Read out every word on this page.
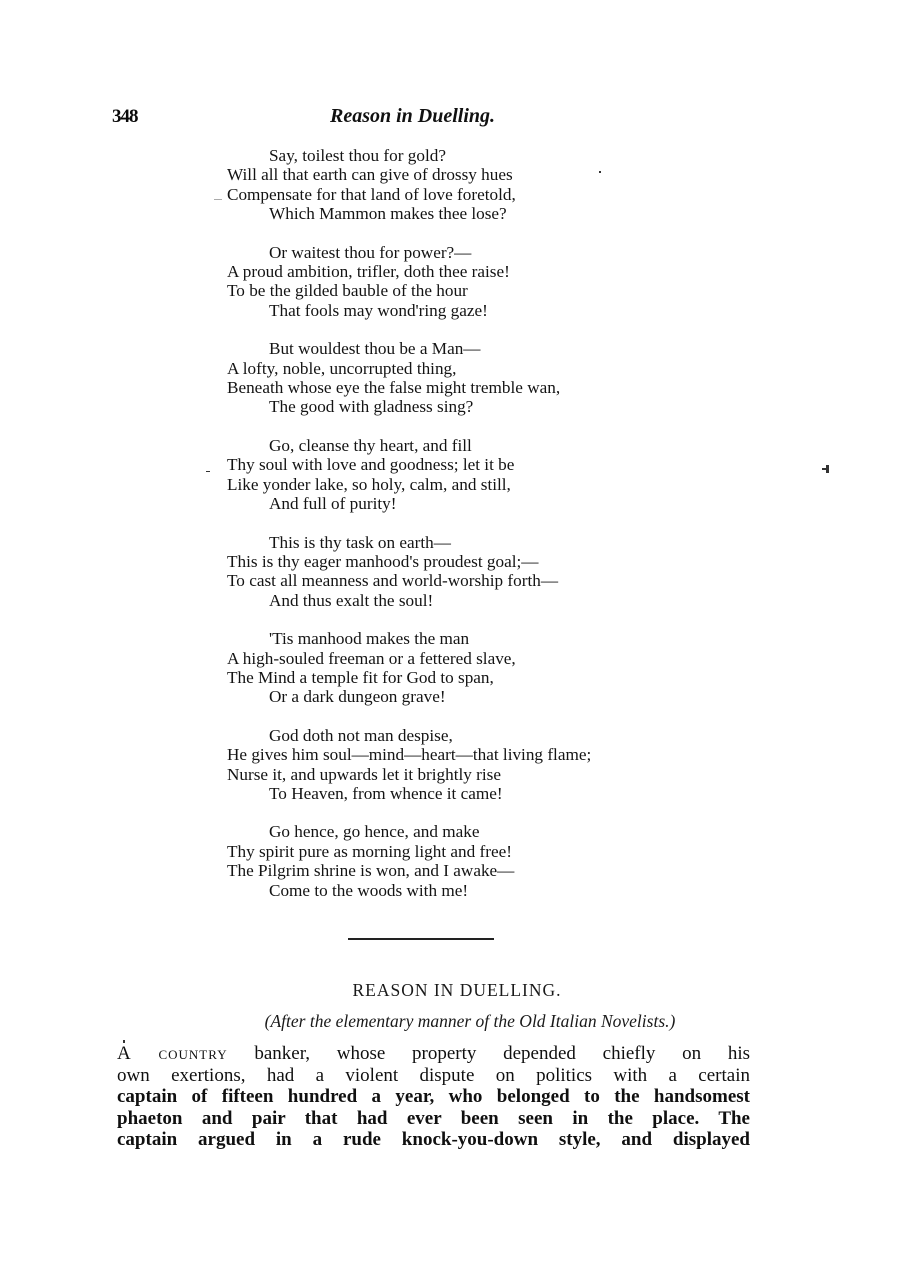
348	Reason in Duelling.
Say, toilest thou for gold?
Will all that earth can give of drossy hues
Compensate for that land of love foretold,
Which Mammon makes thee lose?
Or waitest thou for power?—
A proud ambition, trifler, doth thee raise!
To be the gilded bauble of the hour
That fools may wond'ring gaze!
But wouldest thou be a Man—
A lofty, noble, uncorrupted thing,
Beneath whose eye the false might tremble wan,
The good with gladness sing?
Go, cleanse thy heart, and fill
Thy soul with love and goodness; let it be
Like yonder lake, so holy, calm, and still,
And full of purity!
This is thy task on earth—
This is thy eager manhood's proudest goal;—
To cast all meanness and world-worship forth—
And thus exalt the soul!
'Tis manhood makes the man
A high-souled freeman or a fettered slave,
The Mind a temple fit for God to span,
Or a dark dungeon grave!
God doth not man despise,
He gives him soul—mind—heart—that living flame;
Nurse it, and upwards let it brightly rise
To Heaven, from whence it came!
Go hence, go hence, and make
Thy spirit pure as morning light and free!
The Pilgrim shrine is won, and I awake—
Come to the woods with me!
REASON IN DUELLING.
(After the elementary manner of the Old Italian Novelists.)
A country banker, whose property depended chiefly on his
own exertions, had a violent dispute on politics with a certain
captain of fifteen hundred a year, who belonged to the handsomest
phaeton and pair that had ever been seen in the place. The
captain argued in a rude knock-you-down style, and displayed
